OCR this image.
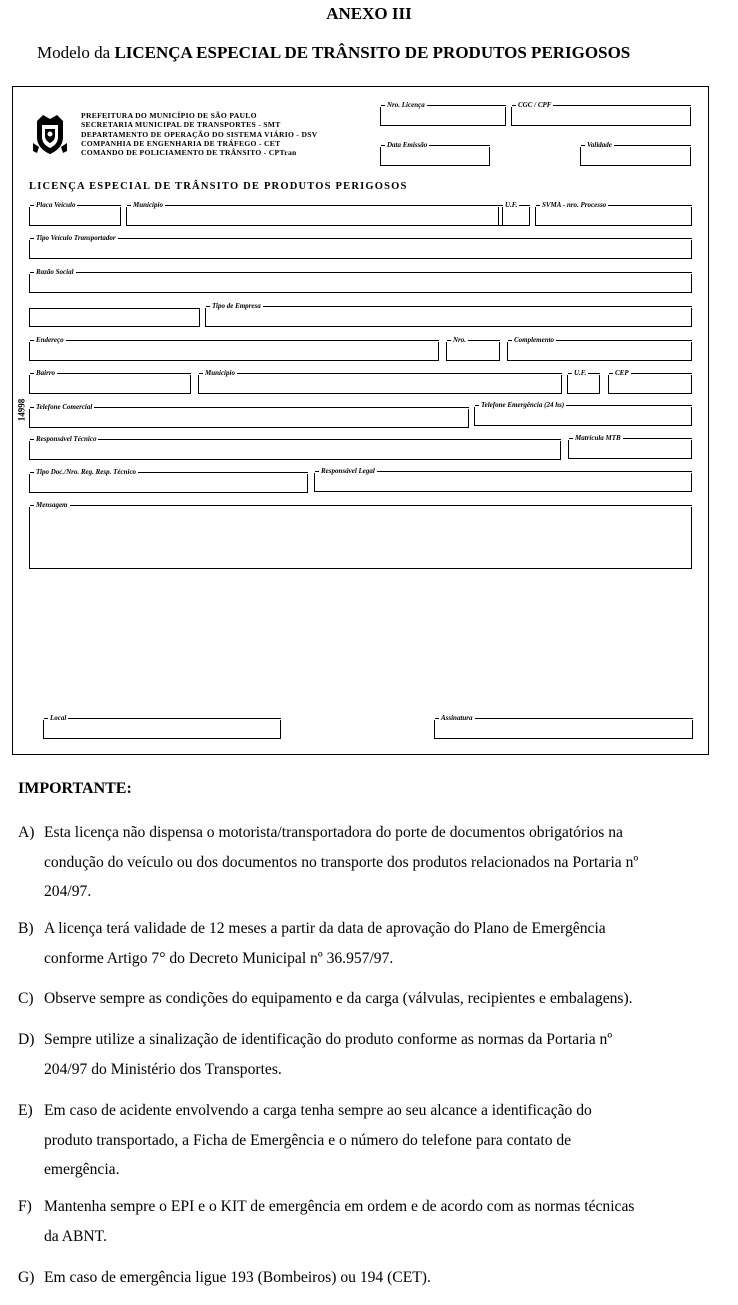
ANEXO III
Modelo da LICENÇA ESPECIAL DE TRÂNSITO DE PRODUTOS PERIGOSOS
PREFEITURA DO MUNICÍPIO DE SÃO PAULO
SECRETARIA MUNICIPAL DE TRANSPORTES - SMT
DEPARTAMENTO DE OPERAÇÃO DO SISTEMA VIÁRIO - DSV
COMPANHIA DE ENGENHARIA DE TRÁFEGO - CET
COMANDO DE POLICIAMENTO DE TRÂNSITO - CPTran
Nro. Licença	CGC / CPF
Data Emissão	Validade
LICENÇA ESPECIAL DE TRÂNSITO DE PRODUTOS PERIGOSOS
Placa Veículo	Município	U.F.	SVMA - nro. Processo
Tipo Veículo Transportador
Razão Social
Tipo de Empresa
Endereço	Nro.	Complemento
Bairro	Município	U.F.	CEP
Telefone Comercial	Telefone Emergência (24 hs)
Responsável Técnico	Matrícula MTB
Tipo Doc./Nro. Reg. Resp. Técnico	Responsável Legal
Mensagem
Local	Assinatura
14998
IMPORTANTE:
A) Esta licença não dispensa o motorista/transportadora do porte de documentos obrigatórios na
condução do veículo ou dos documentos no transporte dos produtos relacionados na Portaria nº
204/97.
B) A licença terá validade de 12 meses a partir da data de aprovação do Plano de Emergência
conforme Artigo 7° do Decreto Municipal nº 36.957/97.
C) Observe sempre as condições do equipamento e da carga (válvulas, recipientes e embalagens).
D) Sempre utilize a sinalização de identificação do produto conforme as normas da Portaria nº
204/97 do Ministério dos Transportes.
E) Em caso de acidente envolvendo a carga tenha sempre ao seu alcance a identificação do
produto transportado, a Ficha de Emergência e o número do telefone para contato de
emergência.
F) Mantenha sempre o EPI e o KIT de emergência em ordem e de acordo com as normas técnicas
da ABNT.
G) Em caso de emergência ligue 193 (Bombeiros) ou 194 (CET).
